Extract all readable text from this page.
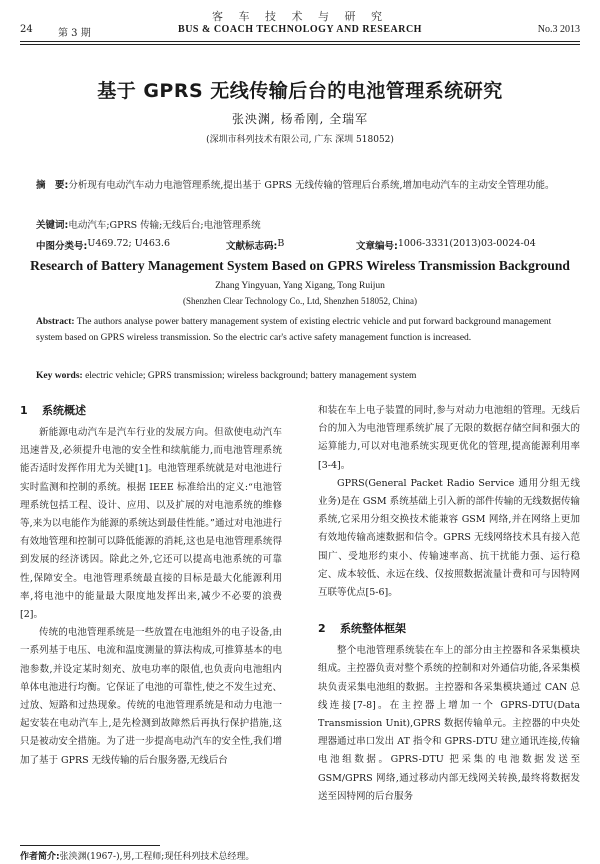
客 车 技 术 与 研 究
24	第 3 期	BUS & COACH TECHNOLOGY AND RESEARCH	No.3 2013
基于 GPRS 无线传输后台的电池管理系统研究
张泱渊, 杨希刚, 全瑞军
(深圳市科列技术有限公司, 广东 深圳 518052)
摘　要:分析现有电动汽车动力电池管理系统,提出基于 GPRS 无线传输的管理后台系统,增加电动汽车的主动安全管理功能。
关键词:电动汽车;GPRS 传输;无线后台;电池管理系统
中图分类号: U469.72; U463.6	文献标志码: B	文章编号: 1006-3331(2013)03-0024-04
Research of Battery Management System Based on GPRS Wireless Transmission Background
Zhang Yingyuan, Yang Xigang, Tong Ruijun
(Shenzhen Clear Technology Co., Ltd, Shenzhen 518052, China)
Abstract: The authors analyse power battery management system of existing electric vehicle and put forward background management system based on GPRS wireless transmission. So the electric car's active safety management function is increased.
Key words: electric vehicle; GPRS transmission; wireless background; battery management system
1 系统概述

新能源电动汽车是汽车行业的发展方向。但欲使电动汽车迅速普及,必须提升电池的安全性和续航能力,而电池管理系统能否适时发挥作用尤为关键[1]。电池管理系统就是对电池进行实时监测和控制的系统。根据 IEEE 标准给出的定义:“电池管理系统包括工程、设计、应用、以及扩展的对电池系统的维修等,来为以电能作为能源的系统达到最佳性能。”通过对电池进行有效地管理和控制可以降低能源的消耗,这也是电池管理系统得到发展的经济诱因。除此之外,它还可以提高电池系统的可靠性,保障安全。电池管理系统最直接的目标是最大化能源利用率,将电池中的能量最大限度地发挥出来,减少不必要的浪费[2]。

传统的电池管理系统是一些放置在电池组外的电子设备,由一系列基于电压、电流和温度测量的算法构成,可推算基本的电池参数,并设定某时刻充、放电功率的限值,也负责向电池组内单体电池进行均衡。它保证了电池的可靠性,使之不发生过充、过放、短路和过热现象。传统的电池管理系统是和动力电池一起安装在电动汽车上,是先检测到故障然后再执行保护措施,这只是被动安全措施。为了进一步提高电动汽车的安全性,我们增加了基于 GPRS 无线传输的后台服务器,无线后台

和装在车上电子装置的同时,参与对动力电池组的管理。无线后台的加入为电池管理系统扩展了无限的数据存储空间和强大的运算能力,可以对电池系统实现更优化的管理,提高能源利用率[3-4]。

GPRS(General Packet Radio Service 通用分组无线业务)是在 GSM 系统基础上引入新的部件传输的无线数据传输系统,它采用分组交换技术能兼容 GSM 网络,并在网络上更加有效地传输高速数据和信令。GPRS 无线网络技术具有接入范围广、受地形约束小、传输速率高、抗干扰能力强、运行稳定、成本较低、永远在线、仅按照数据流量计费和可与因特网互联等优点[5-6]。

2 系统整体框架

整个电池管理系统装在车上的部分由主控器和各采集模块组成。主控器负责对整个系统的控制和对外通信功能,各采集模块负责采集电池组的数据。主控器和各采集模块通过 CAN 总线连接[7-8]。在主控器上增加一个 GPRS-DTU(Data Transmission Unit),GPRS 数据传输单元。主控器的中央处理器通过串口发出 AT 指令和 GPRS-DTU 建立通讯连接,传输电池组数据。GPRS-DTU 把采集的电池数据发送至 GSM/GPRS 网络,通过移动内部无线网关转换,最终将数据发送至因特网的后台服务

作者简介:张泱渊(1967-),男,工程师;现任科列技术总经理。
